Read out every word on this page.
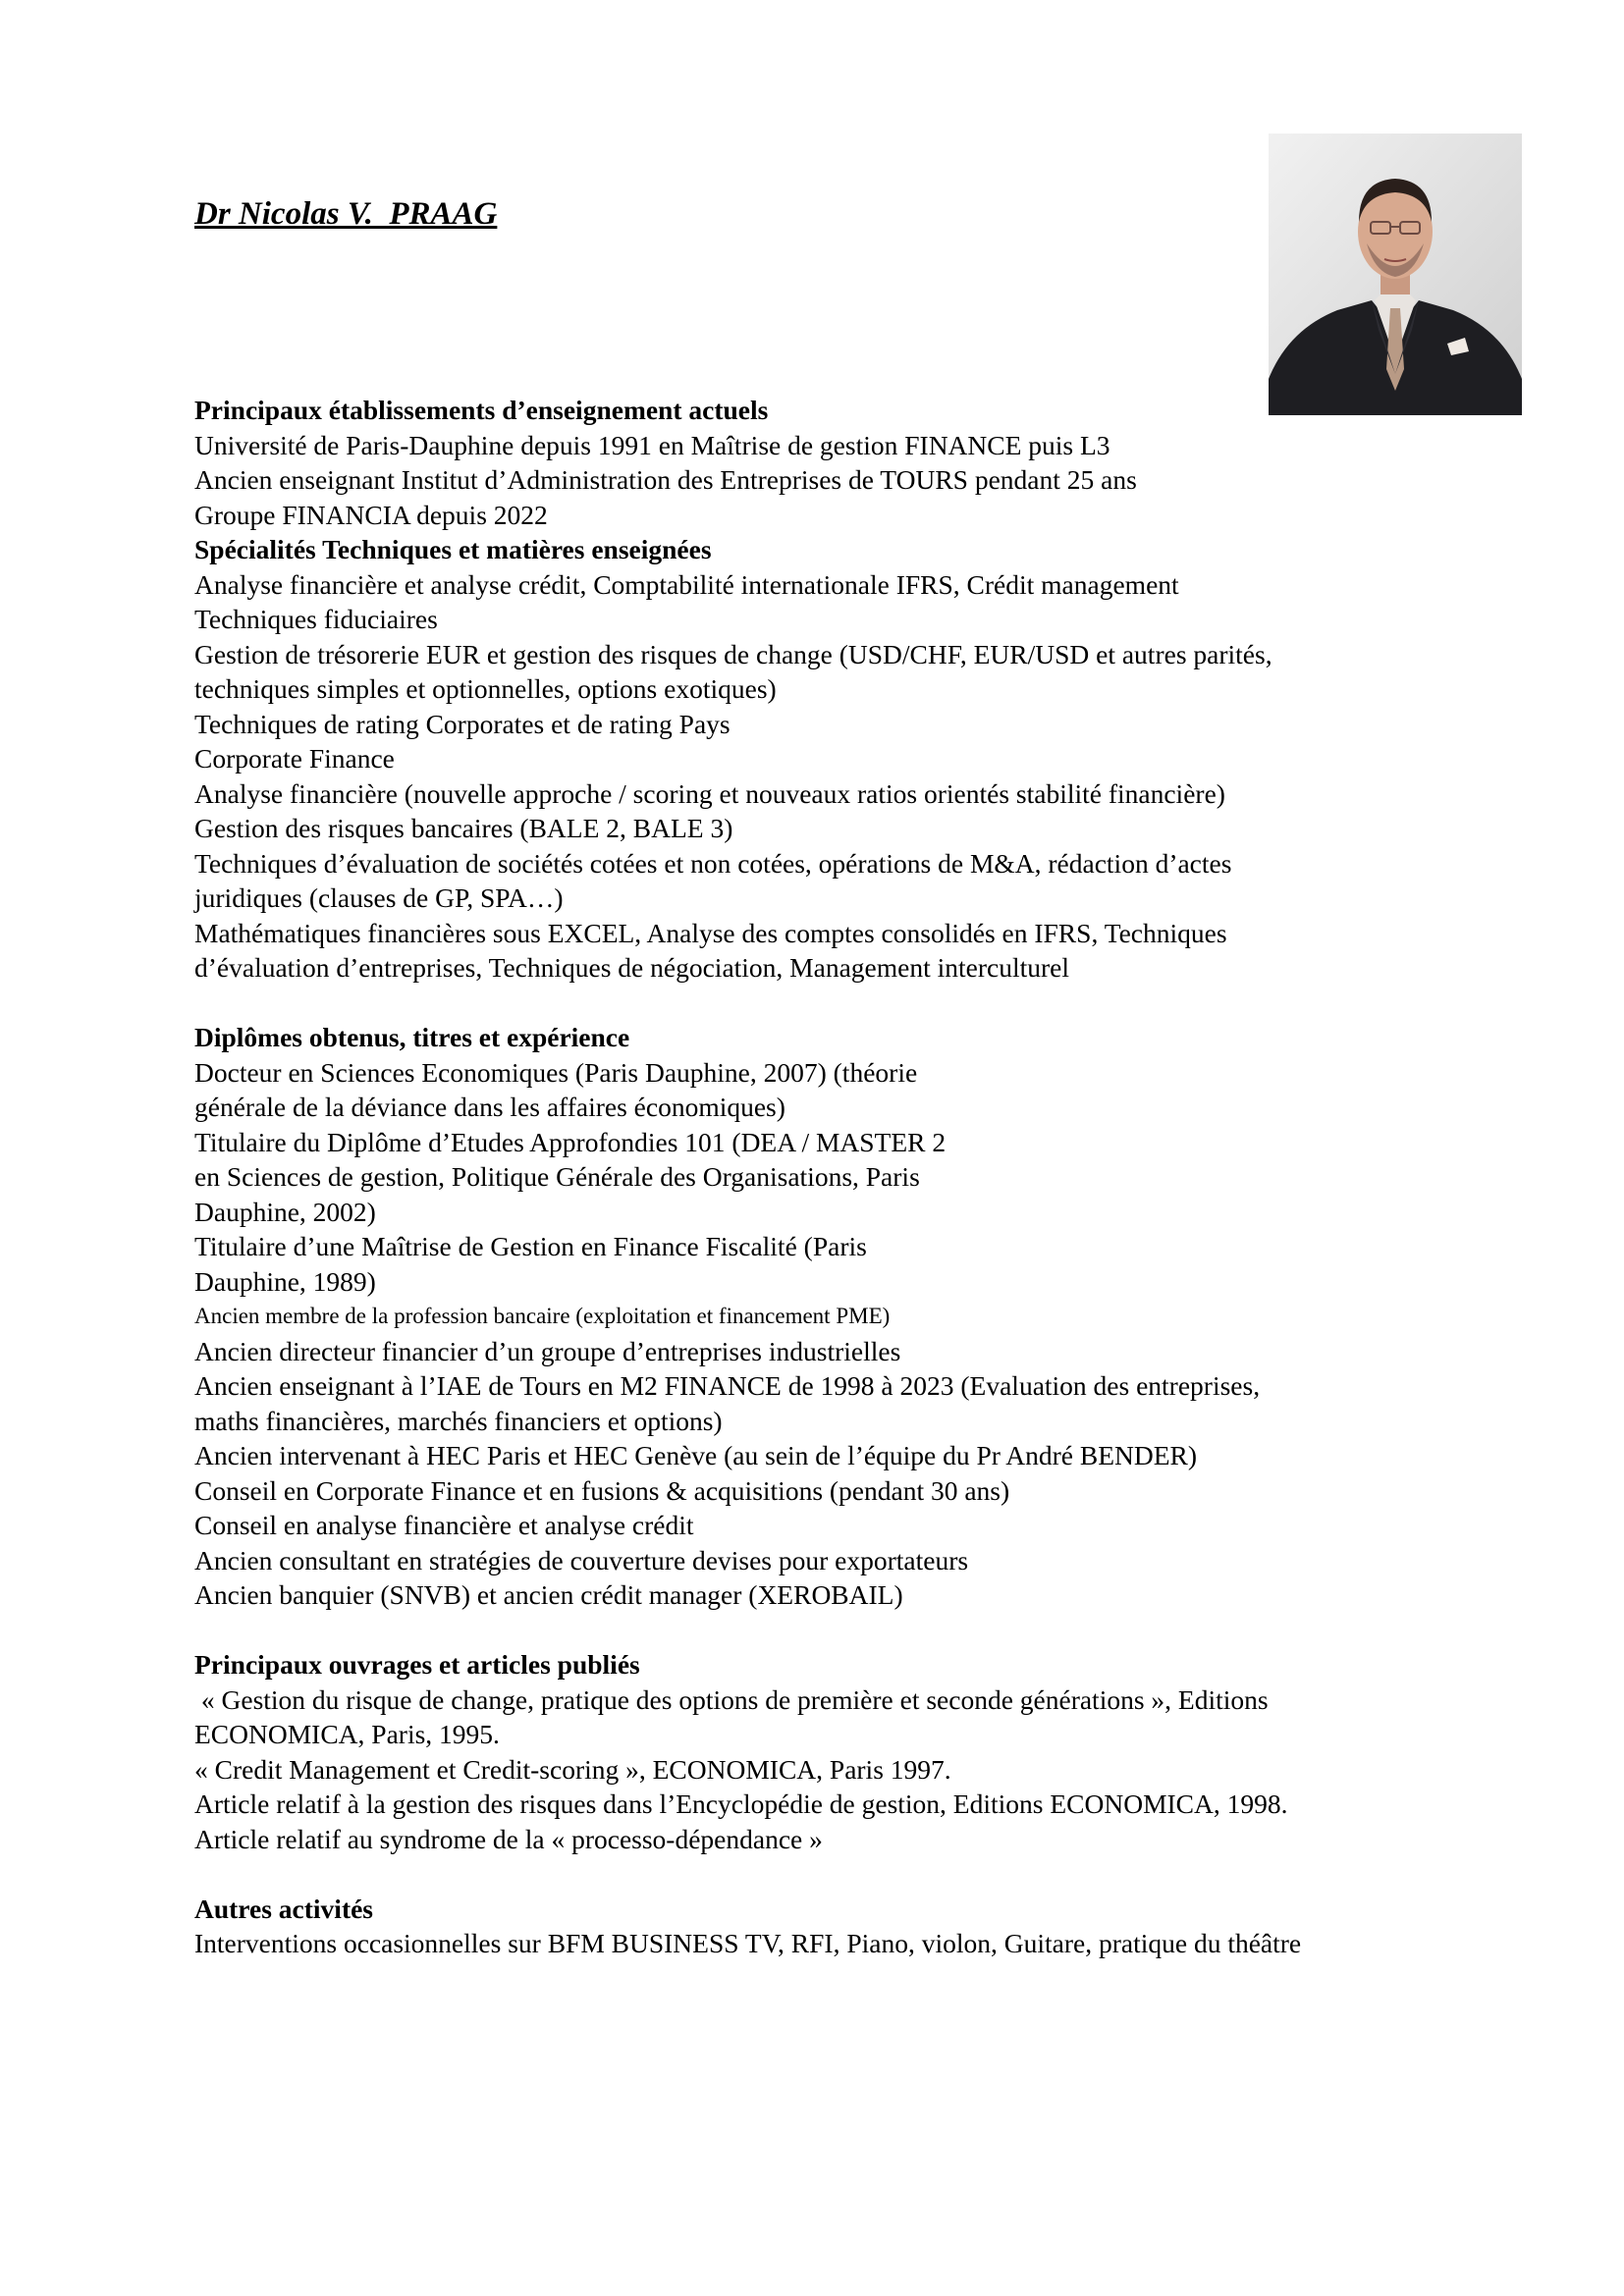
Dr Nicolas V.  PRAAG
Principaux établissements d’enseignement actuels
Université de Paris-Dauphine depuis 1991 en Maîtrise de gestion FINANCE puis L3
Ancien enseignant Institut d’Administration des Entreprises de TOURS pendant 25 ans
Groupe FINANCIA depuis 2022
Spécialités Techniques et matières enseignées
Analyse financière et analyse crédit, Comptabilité internationale IFRS, Crédit management
Techniques fiduciaires
Gestion de trésorerie EUR et gestion des risques de change (USD/CHF, EUR/USD et autres parités,
techniques simples et optionnelles, options exotiques)
Techniques de rating Corporates et de rating Pays
Corporate Finance
Analyse financière (nouvelle approche / scoring et nouveaux ratios orientés stabilité financière)
Gestion des risques bancaires (BALE 2, BALE 3)
Techniques d’évaluation de sociétés cotées et non cotées, opérations de M&A, rédaction d’actes
juridiques (clauses de GP, SPA…)
Mathématiques financières sous EXCEL, Analyse des comptes consolidés en IFRS, Techniques
d’évaluation d’entreprises, Techniques de négociation, Management interculturel
Diplômes obtenus, titres et expérience
Docteur en Sciences Economiques (Paris Dauphine, 2007) (théorie
générale de la déviance dans les affaires économiques)
Titulaire du Diplôme d’Etudes Approfondies 101 (DEA / MASTER 2
en Sciences de gestion, Politique Générale des Organisations, Paris
Dauphine, 2002)
Titulaire d’une Maîtrise de Gestion en Finance Fiscalité (Paris
Dauphine, 1989)
Ancien membre de la profession bancaire (exploitation et financement PME)
Ancien directeur financier d’un groupe d’entreprises industrielles
Ancien enseignant à l’IAE de Tours en M2 FINANCE de 1998 à 2023 (Evaluation des entreprises,
maths financières, marchés financiers et options)
Ancien intervenant à HEC Paris et HEC Genève (au sein de l’équipe du Pr André BENDER)
Conseil en Corporate Finance et en fusions & acquisitions (pendant 30 ans)
Conseil en analyse financière et analyse crédit
Ancien consultant en stratégies de couverture devises pour exportateurs
Ancien banquier (SNVB) et ancien crédit manager (XEROBAIL)
Principaux ouvrages et articles publiés
« Gestion du risque de change, pratique des options de première et seconde générations », Editions
ECONOMICA, Paris, 1995.
« Credit Management et Credit-scoring », ECONOMICA, Paris 1997.
Article relatif à la gestion des risques dans l’Encyclopédie de gestion, Editions ECONOMICA, 1998.
Article relatif au syndrome de la « processo-dépendance »
Autres activités
Interventions occasionnelles sur BFM BUSINESS TV, RFI, Piano, violon, Guitare, pratique du théâtre
